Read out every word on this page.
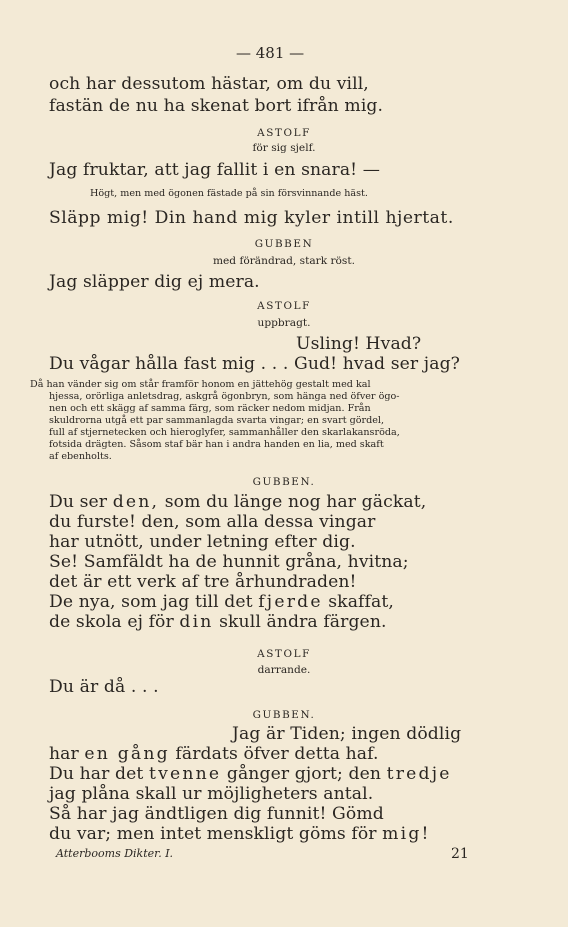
— 481 —
och har dessutom hästar, om du vill,
fastän de nu ha skenat bort ifrån mig.
ASTOLF
för sig sjelf.
Jag fruktar, att jag fallit i en snara! —
Högt, men med ögonen fästade på sin försvinnande häst.
Släpp mig! Din hand mig kyler intill hjertat.
GUBBEN
med förändrad, stark röst.
Jag släpper dig ej mera.
ASTOLF
uppbragt.
Usling! Hvad?
Du vågar hålla fast mig . . . Gud! hvad ser jag?
Då han vänder sig om står framför honom en jättehög gestalt med kal
hjessa, orörliga anletsdrag, askgrå ögonbryn, som hänga ned öfver ögo-
nen och ett skägg af samma färg, som räcker nedom midjan. Från
skuldrorna utgå ett par sammanlagda svarta vingar; en svart gördel,
full af stjernetecken och hieroglyfer, sammanhåller den skarlakansröda,
fotsida drägten. Såsom staf bär han i andra handen en lia, med skaft
af ebenholts.
GUBBEN.
Du ser den, som du länge nog har gäckat,
du furste! den, som alla dessa vingar
har utnött, under letning efter dig.
Se! Samfäldt ha de hunnit gråna, hvitna;
det är ett verk af tre århundraden!
De nya, som jag till det fjerde skaffat,
de skola ej för din skull ändra färgen.
ASTOLF
darrande.
Du är då . . .
GUBBEN.
Jag är Tiden; ingen dödlig
har en gång färdats öfver detta haf.
Du har det tvenne gånger gjort; den tredje
jag plåna skall ur möjligheters antal.
Så har jag ändtligen dig funnit! Gömd
du var; men intet menskligt göms för mig!
Atterbooms Dikter. I.	21
